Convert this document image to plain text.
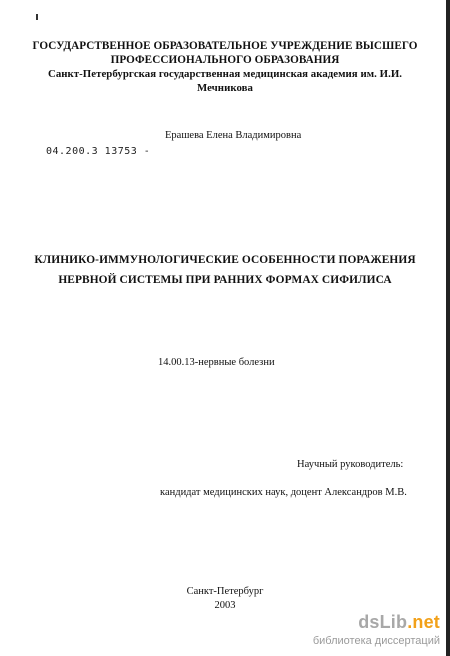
ГОСУДАРСТВЕННОЕ ОБРАЗОВАТЕЛЬНОЕ УЧРЕЖДЕНИЕ ВЫСШЕГО
ПРОФЕССИОНАЛЬНОГО ОБРАЗОВАНИЯ
Санкт-Петербургская государственная медицинская академия им. И.И.
Мечникова
Ерашева Елена Владимировна
04.200.3 13753 -
КЛИНИКО-ИММУНОЛОГИЧЕСКИЕ ОСОБЕННОСТИ ПОРАЖЕНИЯ
НЕРВНОЙ СИСТЕМЫ ПРИ РАННИХ ФОРМАХ СИФИЛИСА
14.00.13-нервные болезни
Научный руководитель:
кандидат медицинских наук, доцент Александров М.В.
Санкт-Петербург
2003
dsLib.net
библиотека диссертаций
